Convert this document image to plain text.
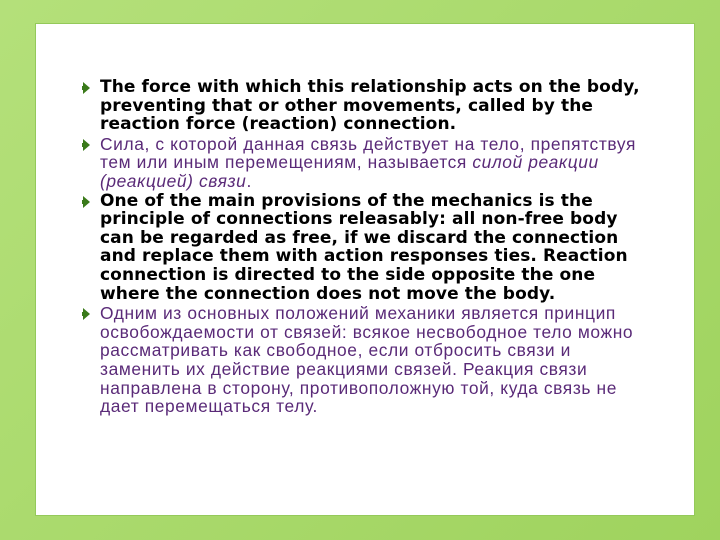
The force with which this relationship acts on the body, preventing that or other movements, called by the reaction force (reaction) connection.
Сила, с которой данная связь действует на тело, препятствуя тем или иным перемещениям, называется силой реакции (реакцией) связи.
One of the main provisions of the mechanics is the principle of connections releasably: all non-free body can be regarded as free, if we discard the connection and replace them with action responses ties. Reaction connection is directed to the side opposite the one where the connection does not move the body.
Одним из основных положений механики является принцип освобождаемости от связей: всякое несвободное тело можно рассматривать как свободное, если отбросить связи и заменить их действие реакциями связей. Реакция связи направлена в сторону, противоположную той, куда связь не дает перемещаться телу.
